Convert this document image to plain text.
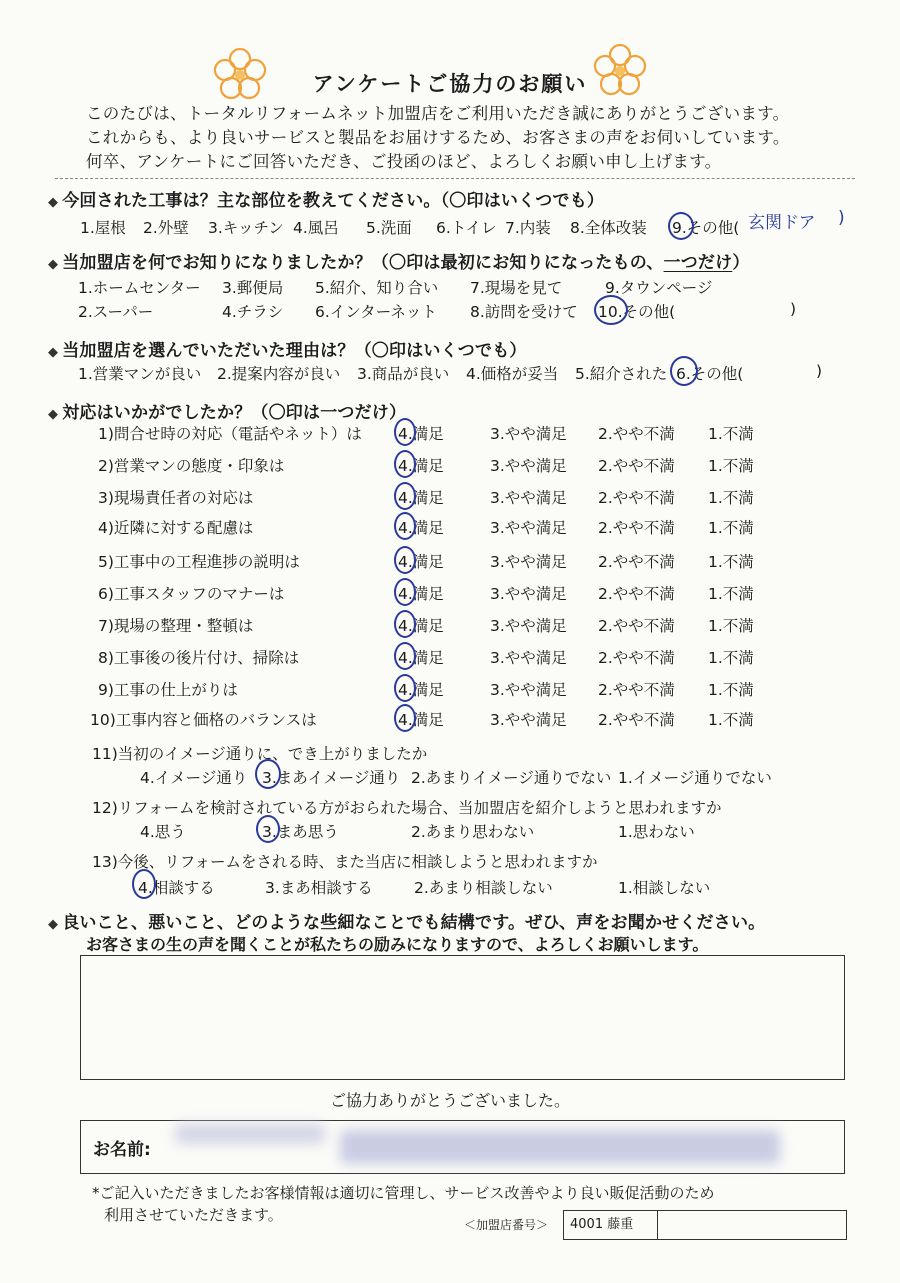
アンケートご協力のお願い
このたびは、トータルリフォームネット加盟店をご利用いただき誠にありがとうございます。
これからも、より良いサービスと製品をお届けするため、お客さまの声をお伺いしています。
何卒、アンケートにご回答いただき、ご投函のほど、よろしくお願い申し上げます。
◆ 今回された工事は？主な部位を教えてください。（〇印はいくつでも）
1.屋根 2.外壁 3.キッチン 4.風呂 5.洗面 6.トイレ 7.内装 8.全体改装 9.その他( 玄関ドア )
◆ 当加盟店を何でお知りになりましたか？（〇印は最初にお知りになったもの、一つだけ）
1.ホームセンター 3.郵便局 5.紹介、知り合い 7.現場を見て	9.タウンページ
2.スーパー	4.チラシ 6.インターネット 8.訪問を受けて 10.その他(	)
◆ 当加盟店を選んでいただいた理由は？（〇印はいくつでも）
1.営業マンが良い 2.提案内容が良い 3.商品が良い 4.価格が妥当 5.紹介された 6.その他(	)
◆ 対応はいかがでしたか？（〇印は一つだけ）
1)問合せ時の対応（電話やネット）は 4.満足	3.やや満足 2.やや不満 1.不満
2)営業マンの態度・印象は	4.満足	3.やや満足 2.やや不満 1.不満
3)現場責任者の対応は	4.満足	3.やや満足 2.やや不満 1.不満
4)近隣に対する配慮は	4.満足	3.やや満足 2.やや不満 1.不満
5)工事中の工程進捗の説明は	4.満足	3.やや満足 2.やや不満 1.不満
6)工事スタッフのマナーは	4.満足	3.やや満足 2.やや不満 1.不満
7)現場の整理・整頓は	4.満足	3.やや満足 2.やや不満 1.不満
8)工事後の後片付け、掃除は	4.満足	3.やや満足 2.やや不満 1.不満
9)工事の仕上がりは	4.満足	3.やや満足 2.やや不満 1.不満
10)工事内容と価格のバランスは	4.満足	3.やや満足 2.やや不満 1.不満
11)当初のイメージ通りに、でき上がりましたか
4.イメージ通り 3.まあイメージ通り 2.あまりイメージ通りでない 1.イメージ通りでない
12)リフォームを検討されている方がおられた場合、当加盟店を紹介しようと思われますか
4.思う	3.まあ思う	2.あまり思わない	1.思わない
13)今後、リフォームをされる時、また当店に相談しようと思われますか
4.相談する	3.まあ相談する	2.あまり相談しない	1.相談しない
◆ 良いこと、悪いこと、どのような些細なことでも結構です。ぜひ、声をお聞かせください。
お客さまの生の声を聞くことが私たちの励みになりますので、よろしくお願いします。
ご協力ありがとうございました。
お名前:
*ご記入いただきましたお客様情報は適切に管理し、サービス改善やより良い販促活動のため
利用させていただきます。
＜加盟店番号＞	4001 藤重
